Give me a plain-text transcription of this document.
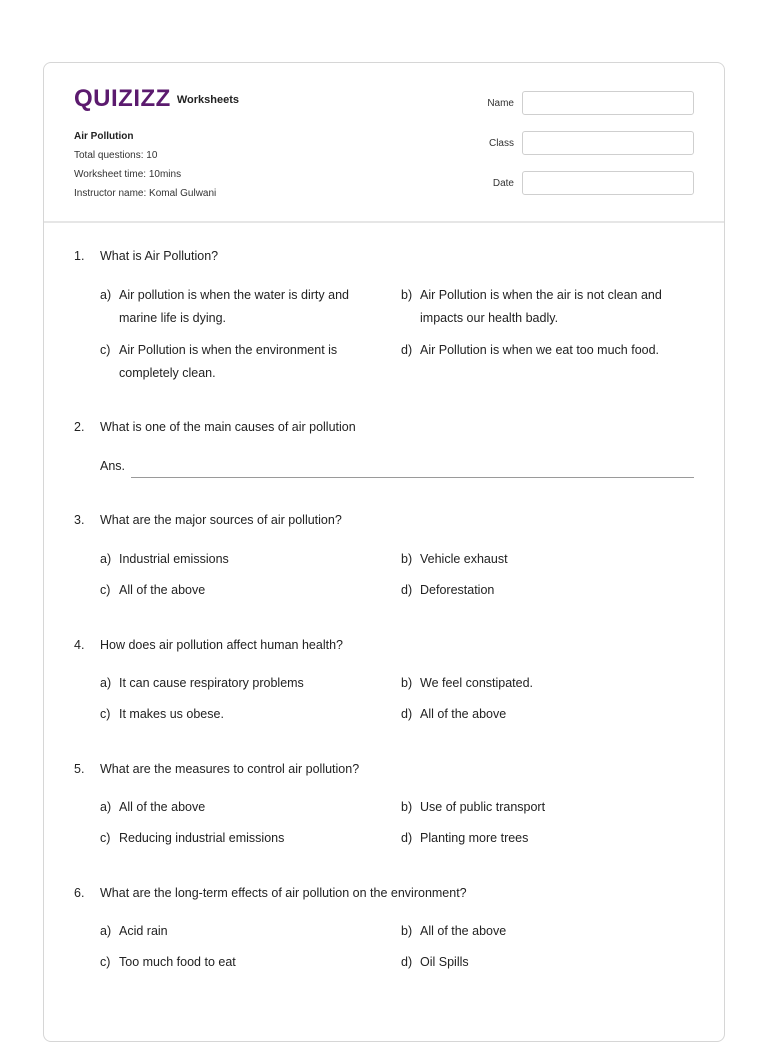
QUIZIZZ Worksheets
Air Pollution
Total questions: 10
Worksheet time: 10mins
Instructor name: Komal Gulwani
Name
Class
Date
1. What is Air Pollution?
a) Air pollution is when the water is dirty and marine life is dying.
b) Air Pollution is when the air is not clean and impacts our health badly.
c) Air Pollution is when the environment is completely clean.
d) Air Pollution is when we eat too much food.
2. What is one of the main causes of air pollution
Ans.
3. What are the major sources of air pollution?
a) Industrial emissions	b) Vehicle exhaust
c) All of the above	d) Deforestation
4. How does air pollution affect human health?
a) It can cause respiratory problems	b) We feel constipated.
c) It makes us obese.	d) All of the above
5. What are the measures to control air pollution?
a) All of the above	b) Use of public transport
c) Reducing industrial emissions	d) Planting more trees
6. What are the long-term effects of air pollution on the environment?
a) Acid rain	b) All of the above
c) Too much food to eat	d) Oil Spills
